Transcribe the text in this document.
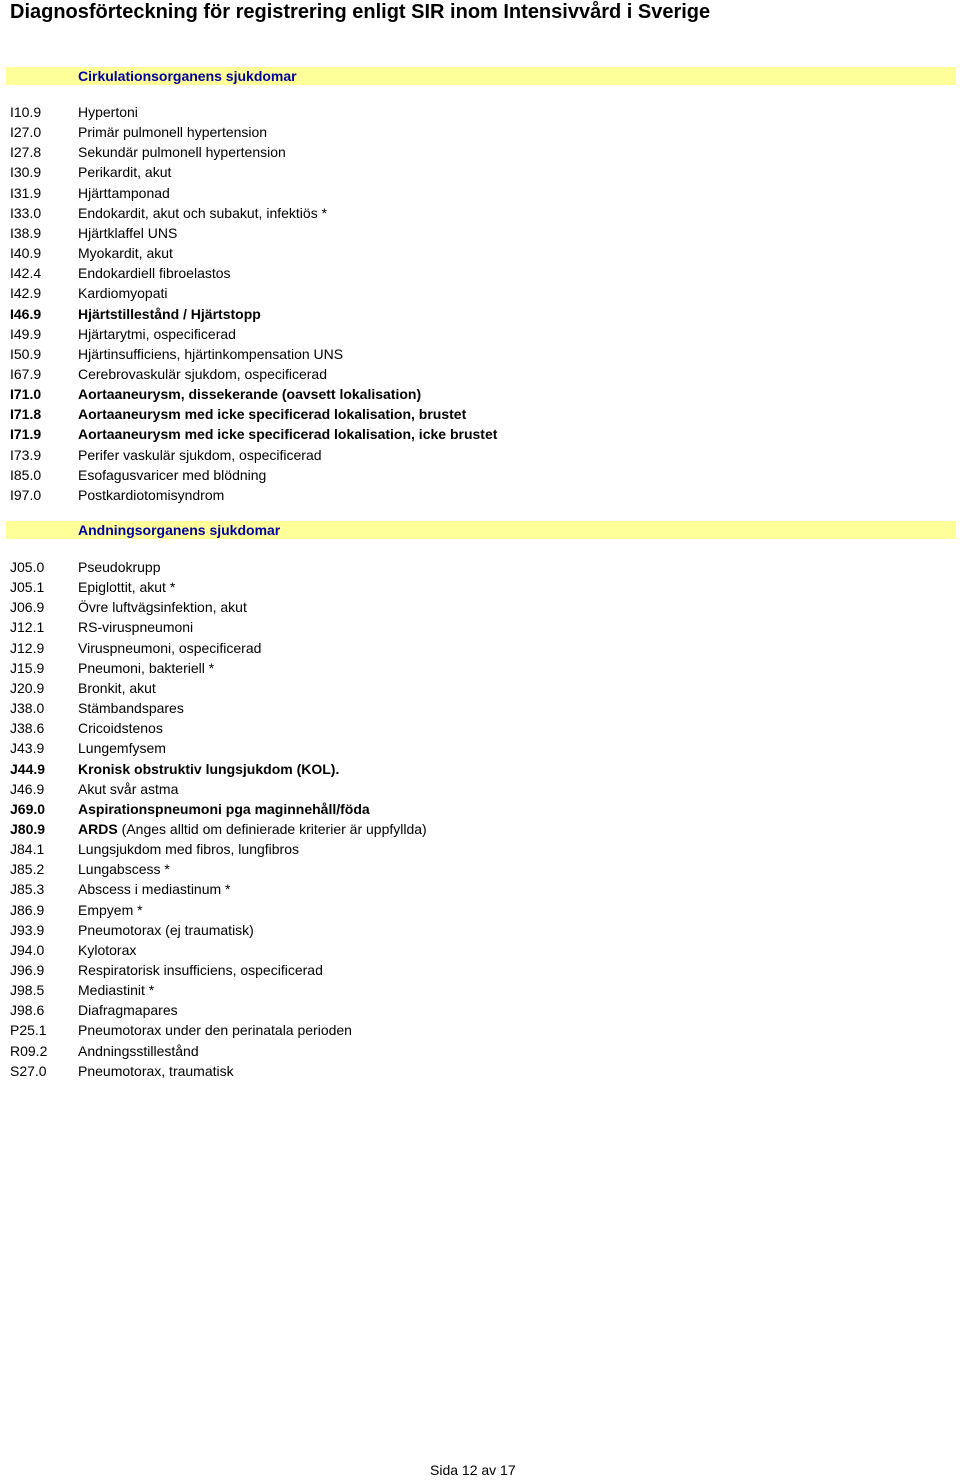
Diagnosförteckning för registrering enligt SIR inom Intensivvård i Sverige
Cirkulationsorganens sjukdomar
I10.9	Hypertoni
I27.0	Primär pulmonell hypertension
I27.8	Sekundär pulmonell hypertension
I30.9	Perikardit, akut
I31.9	Hjärttamponad
I33.0	Endokardit, akut och subakut, infektiös *
I38.9	Hjärtklaffel UNS
I40.9	Myokardit, akut
I42.4	Endokardiell fibroelastos
I42.9	Kardiomyopati
I46.9	Hjärtstillestånd / Hjärtstopp
I49.9	Hjärtarytmi, ospecificerad
I50.9	Hjärtinsufficiens, hjärtinkompensation UNS
I67.9	Cerebrovaskulär sjukdom, ospecificerad
I71.0	Aortaaneurysm, dissekerande (oavsett lokalisation)
I71.8	Aortaaneurysm med icke specificerad lokalisation, brustet
I71.9	Aortaaneurysm med icke specificerad lokalisation, icke brustet
I73.9	Perifer vaskulär sjukdom, ospecificerad
I85.0	Esofagusvaricer med blödning
I97.0	Postkardiotomisyndrom
Andningsorganens sjukdomar
J05.0 Pseudokrupp
J05.1 Epiglottit, akut *
J06.9 Övre luftvägsinfektion, akut
J12.1 RS-viruspneumoni
J12.9 Viruspneumoni, ospecificerad
J15.9 Pneumoni, bakteriell *
J20.9 Bronkit, akut
J38.0 Stämbandspares
J38.6 Cricoidstenos
J43.9 Lungemfysem
J44.9 Kronisk obstruktiv lungsjukdom (KOL).
J46.9 Akut svår astma
J69.0 Aspirationspneumoni pga maginnehåll/föda
J80.9 ARDS (Anges alltid om definierade kriterier är uppfyllda)
J84.1 Lungsjukdom med fibros, lungfibros
J85.2 Lungabscess *
J85.3 Abscess i mediastinum *
J86.9 Empyem *
J93.9 Pneumotorax (ej traumatisk)
J94.0 Kylotorax
J96.9 Respiratorisk insufficiens, ospecificerad
J98.5 Mediastinit *
J98.6 Diafragmapares
P25.1 Pneumotorax under den perinatala perioden
R09.2 Andningsstillestånd
S27.0 Pneumotorax, traumatisk
Sida 12 av 17
